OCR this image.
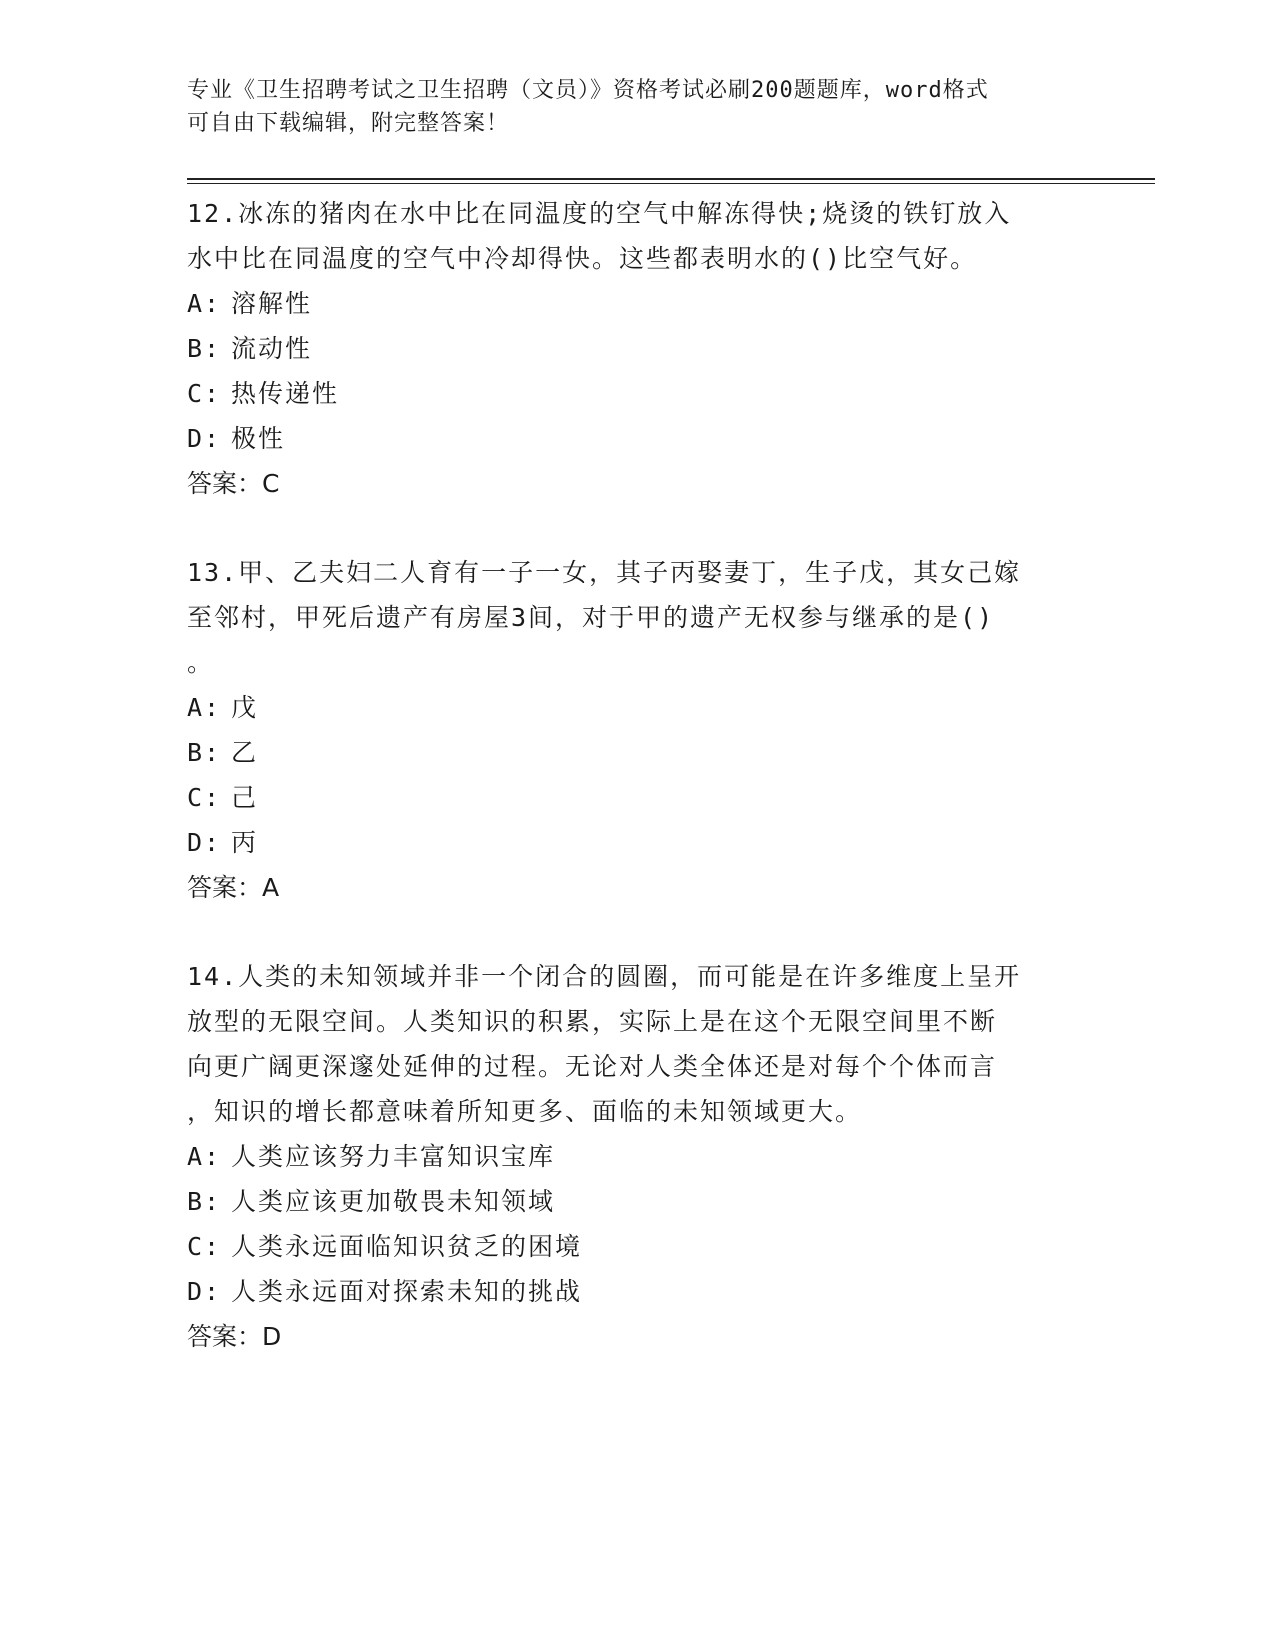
专业《卫生招聘考试之卫生招聘（文员）》资格考试必刷200题题库，word格式
可自由下载编辑，附完整答案！

12.冰冻的猪肉在水中比在同温度的空气中解冻得快;烧烫的铁钉放入

水中比在同温度的空气中冷却得快。这些都表明水的()比空气好。

A: 溶解性

B: 流动性

C: 热传递性

D: 极性

答案：C

13.甲、乙夫妇二人育有一子一女，其子丙娶妻丁，生子戊，其女己嫁

至邻村，甲死后遗产有房屋3间，对于甲的遗产无权参与继承的是()

。

A: 戊

B: 乙

C: 己

D: 丙

答案：A

14.人类的未知领域并非一个闭合的圆圈，而可能是在许多维度上呈开

放型的无限空间。人类知识的积累，实际上是在这个无限空间里不断

向更广阔更深邃处延伸的过程。无论对人类全体还是对每个个体而言

，知识的增长都意味着所知更多、面临的未知领域更大。

A: 人类应该努力丰富知识宝库

B: 人类应该更加敬畏未知领域

C: 人类永远面临知识贫乏的困境

D: 人类永远面对探索未知的挑战

答案：D
